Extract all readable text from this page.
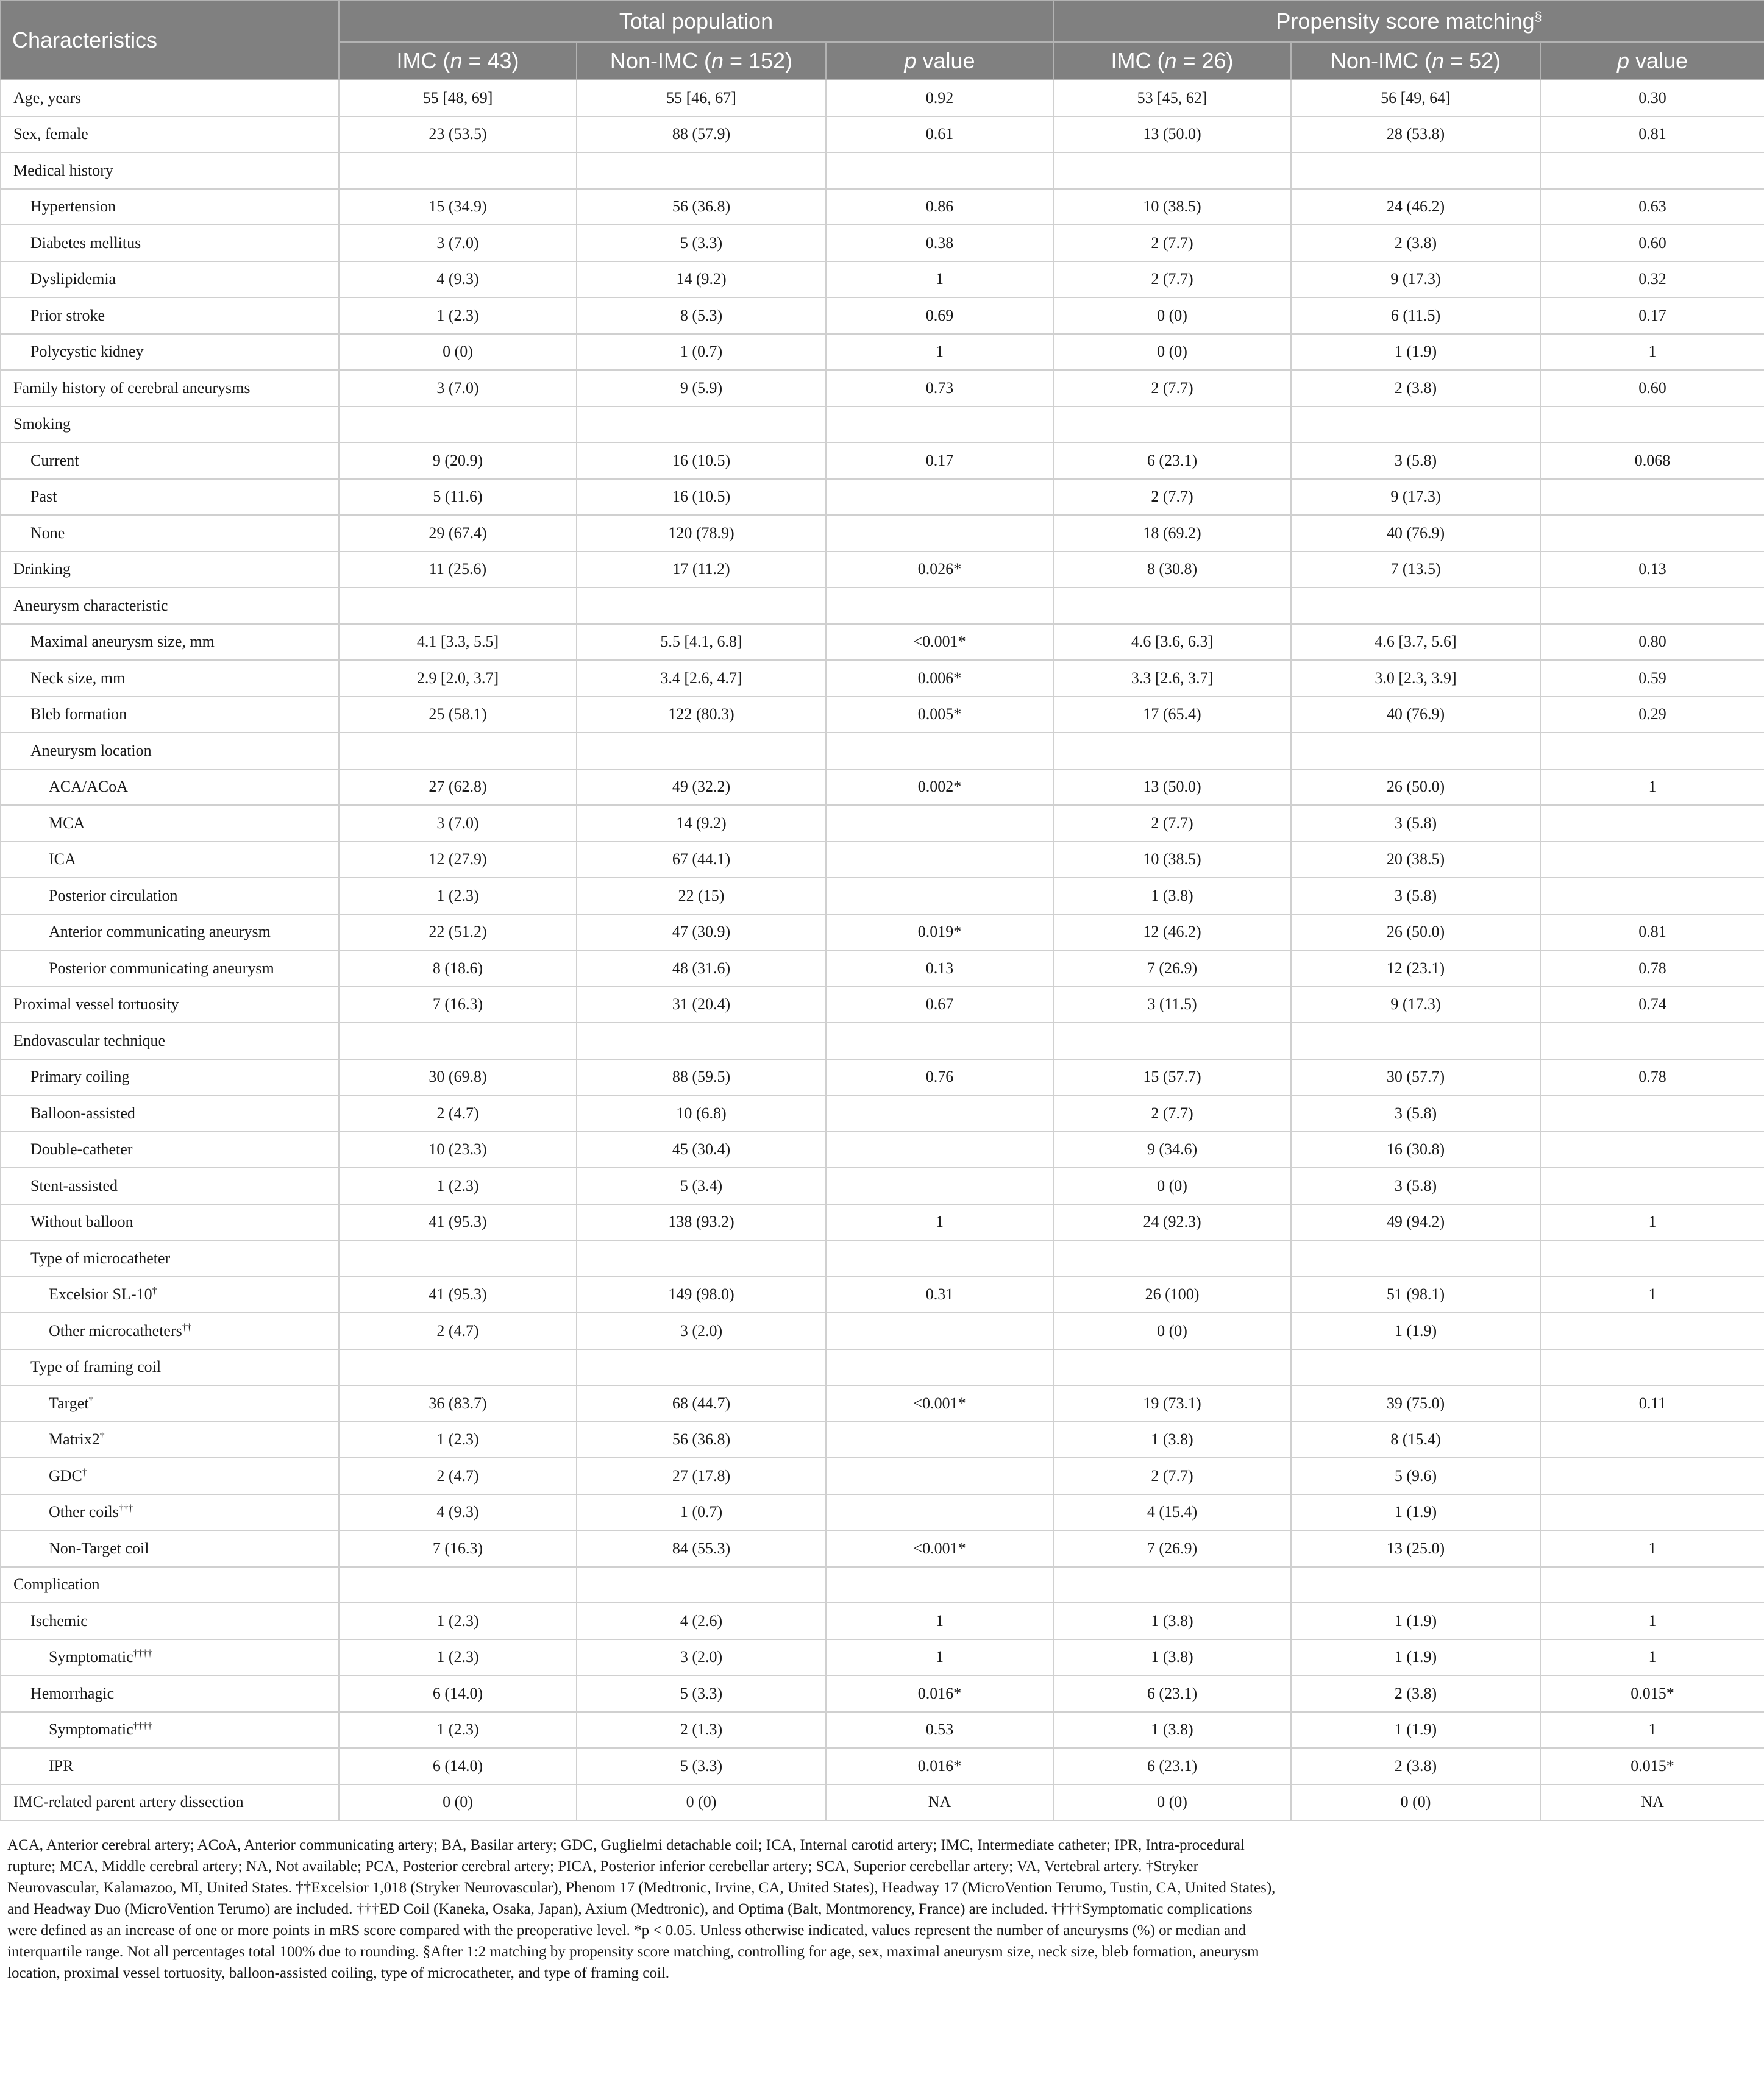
Characteristics	Total population			Propensity score matching§
	IMC (n = 43)	Non-IMC (n = 152)	p value	IMC (n = 26)	Non-IMC (n = 52)	p value
Age, years	55 [48, 69]	55 [46, 67]	0.92	53 [45, 62]	56 [49, 64]	0.30
Sex, female	23 (53.5)	88 (57.9)	0.61	13 (50.0)	28 (53.8)	0.81
Medical history						
Hypertension	15 (34.9)	56 (36.8)	0.86	10 (38.5)	24 (46.2)	0.63
Diabetes mellitus	3 (7.0)	5 (3.3)	0.38	2 (7.7)	2 (3.8)	0.60
Dyslipidemia	4 (9.3)	14 (9.2)	1	2 (7.7)	9 (17.3)	0.32
Prior stroke	1 (2.3)	8 (5.3)	0.69	0 (0)	6 (11.5)	0.17
Polycystic kidney	0 (0)	1 (0.7)	1	0 (0)	1 (1.9)	1
Family history of cerebral aneurysms	3 (7.0)	9 (5.9)	0.73	2 (7.7)	2 (3.8)	0.60
Smoking						
Current	9 (20.9)	16 (10.5)	0.17	6 (23.1)	3 (5.8)	0.068
Past	5 (11.6)	16 (10.5)		2 (7.7)	9 (17.3)	
None	29 (67.4)	120 (78.9)		18 (69.2)	40 (76.9)	
Drinking	11 (25.6)	17 (11.2)	0.026*	8 (30.8)	7 (13.5)	0.13
Aneurysm characteristic						
Maximal aneurysm size, mm	4.1 [3.3, 5.5]	5.5 [4.1, 6.8]	<0.001*	4.6 [3.6, 6.3]	4.6 [3.7, 5.6]	0.80
Neck size, mm	2.9 [2.0, 3.7]	3.4 [2.6, 4.7]	0.006*	3.3 [2.6, 3.7]	3.0 [2.3, 3.9]	0.59
Bleb formation	25 (58.1)	122 (80.3)	0.005*	17 (65.4)	40 (76.9)	0.29
Aneurysm location						
ACA/ACoA	27 (62.8)	49 (32.2)	0.002*	13 (50.0)	26 (50.0)	1
MCA	3 (7.0)	14 (9.2)		2 (7.7)	3 (5.8)	
ICA	12 (27.9)	67 (44.1)		10 (38.5)	20 (38.5)	
Posterior circulation	1 (2.3)	22 (15)		1 (3.8)	3 (5.8)	
Anterior communicating aneurysm	22 (51.2)	47 (30.9)	0.019*	12 (46.2)	26 (50.0)	0.81
Posterior communicating aneurysm	8 (18.6)	48 (31.6)	0.13	7 (26.9)	12 (23.1)	0.78
Proximal vessel tortuosity	7 (16.3)	31 (20.4)	0.67	3 (11.5)	9 (17.3)	0.74
Endovascular technique						
Primary coiling	30 (69.8)	88 (59.5)	0.76	15 (57.7)	30 (57.7)	0.78
Balloon-assisted	2 (4.7)	10 (6.8)		2 (7.7)	3 (5.8)	
Double-catheter	10 (23.3)	45 (30.4)		9 (34.6)	16 (30.8)	
Stent-assisted	1 (2.3)	5 (3.4)		0 (0)	3 (5.8)	
Without balloon	41 (95.3)	138 (93.2)	1	24 (92.3)	49 (94.2)	1
Type of microcatheter						
Excelsior SL-10†	41 (95.3)	149 (98.0)	0.31	26 (100)	51 (98.1)	1
Other microcatheters††	2 (4.7)	3 (2.0)		0 (0)	1 (1.9)	
Type of framing coil						
Target†	36 (83.7)	68 (44.7)	<0.001*	19 (73.1)	39 (75.0)	0.11
Matrix2†	1 (2.3)	56 (36.8)		1 (3.8)	8 (15.4)	
GDC†	2 (4.7)	27 (17.8)		2 (7.7)	5 (9.6)	
Other coils†††	4 (9.3)	1 (0.7)		4 (15.4)	1 (1.9)	
Non-Target coil	7 (16.3)	84 (55.3)	<0.001*	7 (26.9)	13 (25.0)	1
Complication						
Ischemic	1 (2.3)	4 (2.6)	1	1 (3.8)	1 (1.9)	1
Symptomatic††††	1 (2.3)	3 (2.0)	1	1 (3.8)	1 (1.9)	1
Hemorrhagic	6 (14.0)	5 (3.3)	0.016*	6 (23.1)	2 (3.8)	0.015*
Symptomatic††††	1 (2.3)	2 (1.3)	0.53	1 (3.8)	1 (1.9)	1
IPR	6 (14.0)	5 (3.3)	0.016*	6 (23.1)	2 (3.8)	0.015*
IMC-related parent artery dissection	0 (0)	0 (0)	NA	0 (0)	0 (0)	NA

ACA, Anterior cerebral artery; ACoA, Anterior communicating artery; BA, Basilar artery; GDC, Guglielmi detachable coil; ICA, Internal carotid artery; IMC, Intermediate catheter; IPR, Intra-procedural rupture; MCA, Middle cerebral artery; NA, Not available; PCA, Posterior cerebral artery; PICA, Posterior inferior cerebellar artery; SCA, Superior cerebellar artery; VA, Vertebral artery. †Stryker Neurovascular, Kalamazoo, MI, United States. ††Excelsior 1,018 (Stryker Neurovascular), Phenom 17 (Medtronic, Irvine, CA, United States), Headway 17 (MicroVention Terumo, Tustin, CA, United States), and Headway Duo (MicroVention Terumo) are included. †††ED Coil (Kaneka, Osaka, Japan), Axium (Medtronic), and Optima (Balt, Montmorency, France) are included. ††††Symptomatic complications were defined as an increase of one or more points in mRS score compared with the preoperative level. *p < 0.05. Unless otherwise indicated, values represent the number of aneurysms (%) or median and interquartile range. Not all percentages total 100% due to rounding. §After 1:2 matching by propensity score matching, controlling for age, sex, maximal aneurysm size, neck size, bleb formation, aneurysm location, proximal vessel tortuosity, balloon-assisted coiling, type of microcatheter, and type of framing coil.
